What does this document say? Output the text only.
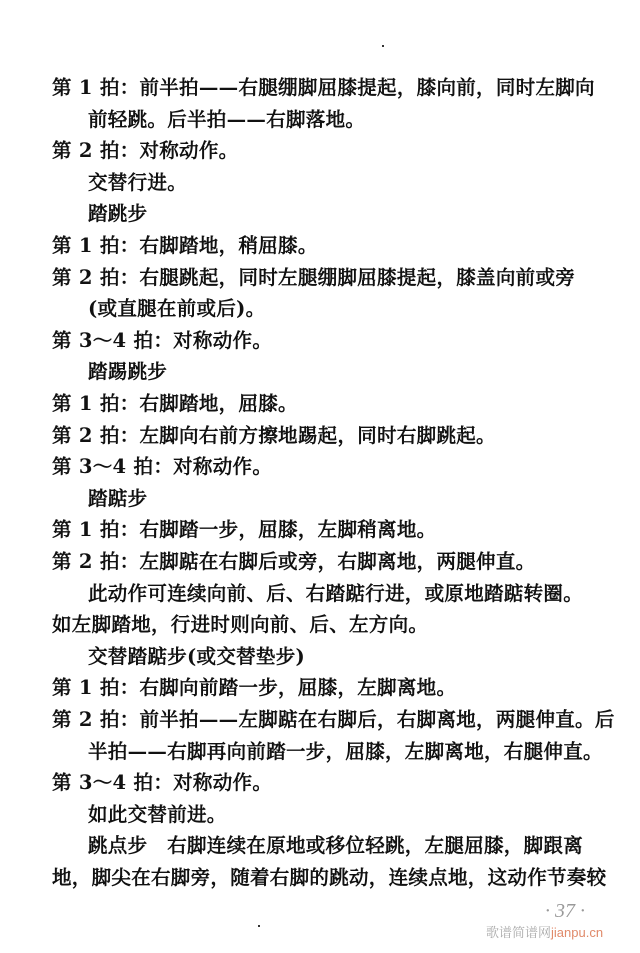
第 1 拍：前半拍——右腿绷脚屈膝提起，膝向前，同时左脚向
前轻跳。后半拍——右脚落地。
第 2 拍：对称动作。
交替行进。
踏跳步
第 1 拍：右脚踏地，稍屈膝。
第 2 拍：右腿跳起，同时左腿绷脚屈膝提起，膝盖向前或旁
(或直腿在前或后)。
第 3～4 拍：对称动作。
踏踢跳步
第 1 拍：右脚踏地，屈膝。
第 2 拍：左脚向右前方擦地踢起，同时右脚跳起。
第 3～4 拍：对称动作。
踏踮步
第 1 拍：右脚踏一步，屈膝，左脚稍离地。
第 2 拍：左脚踮在右脚后或旁，右脚离地，两腿伸直。
此动作可连续向前、后、右踏踮行进，或原地踏踮转圈。
如左脚踏地，行进时则向前、后、左方向。
交替踏踮步(或交替垫步)
第 1 拍：右脚向前踏一步，屈膝，左脚离地。
第 2 拍：前半拍——左脚踮在右脚后，右脚离地，两腿伸直。后
半拍——右脚再向前踏一步，屈膝，左脚离地，右腿伸直。
第 3～4 拍：对称动作。
如此交替前进。
跳点步　右脚连续在原地或移位轻跳，左腿屈膝，脚跟离
地，脚尖在右脚旁，随着右脚的跳动，连续点地，这动作节奏较
· 37 ·
歌谱简谱网jianpu.cn
